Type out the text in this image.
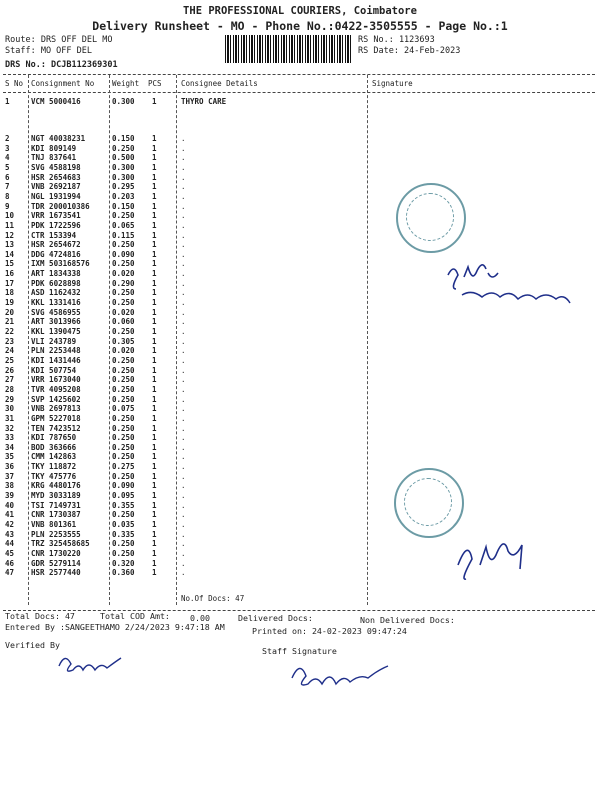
THE PROFESSIONAL COURIERS, Coimbatore
Delivery Runsheet - MO - Phone No.:0422-3505555 - Page No.:1
Route: DRS OFF DEL MO
Staff: MO OFF DEL
DRS No.: DCJB112369301
RS No.: 1123693
RS Date: 24-Feb-2023
S No Consignment No Weight PCS	Consignee Details	Signature
1	VCM 5000416	0.300 1	THYRO CARE
2	NGT 40038231	0.150 1	.
3	KDI 809149	0.250 1	.
4	TNJ 837641	0.500 1	.
5	SVG 4588198	0.300 1	.
6	HSR 2654683	0.300 1	.
7	VNB 2692187	0.295 1	.
8	NGL 1931994	0.203 1	.
9	TDR 200010386	0.150 1	.
10 VRR 1673541	0.250 1	.
11 PDK 1722596	0.065 1	.
12 CTR 153394	0.115 1	.
13 HSR 2654672	0.250 1	.
14 DDG 4724816	0.090 1	.
15 IXM 503168576	0.250 1	.
16 ART 1834338	0.020 1	.
17 PDK 6028898	0.290 1	.
18 ASD 1162432	0.250 1	.
19 KKL 1331416	0.250 1	.
20 SVG 4586955	0.020 1	.
21 ART 3013966	0.060 1	.
22 KKL 1390475	0.250 1	.
23 VLI 243789	0.305 1	.
24 PLN 2253448	0.020 1	.
25 KDI 1431446	0.250 1	.
26 KDI 507754	0.250 1	.
27 VRR 1673040	0.250 1	.
28 TVR 4095208	0.250 1	.
29 SVP 1425602	0.250 1	.
30 VNB 2697813	0.075 1	.
31 GPM 5227018	0.250 1	.
32 TEN 7423512	0.250 1	.
33 KDI 787650	0.250 1	.
34 BOD 363666	0.250 1	.
35 CMM 142863	0.250 1	.
36 TKY 118872	0.275 1	.
37 TKY 475776	0.250 1	.
38 KRG 4480176	0.090 1	.
39 MYD 3033189	0.095 1	.
40 TSI 7149731	0.355 1	.
41 CNR 1730387	0.250 1	.
42 VNB 801361	0.035 1	.
43 PLN 2253555	0.335 1	.
44 TRZ 325458685	0.250 1	.
45 CNR 1730220	0.250 1	.
46 GDR 5279114	0.320 1	.
47 HSR 2577440	0.360 1	.
No.Of Docs: 47
Total Docs: 47	Total COD Amt: 0.00	Delivered Docs:	Non Delivered Docs:
Entered By :SANGEETHAMO 2/24/2023 9:47:18 AM	Printed on: 24-02-2023 09:47:24
Verified By
Staff Signature
